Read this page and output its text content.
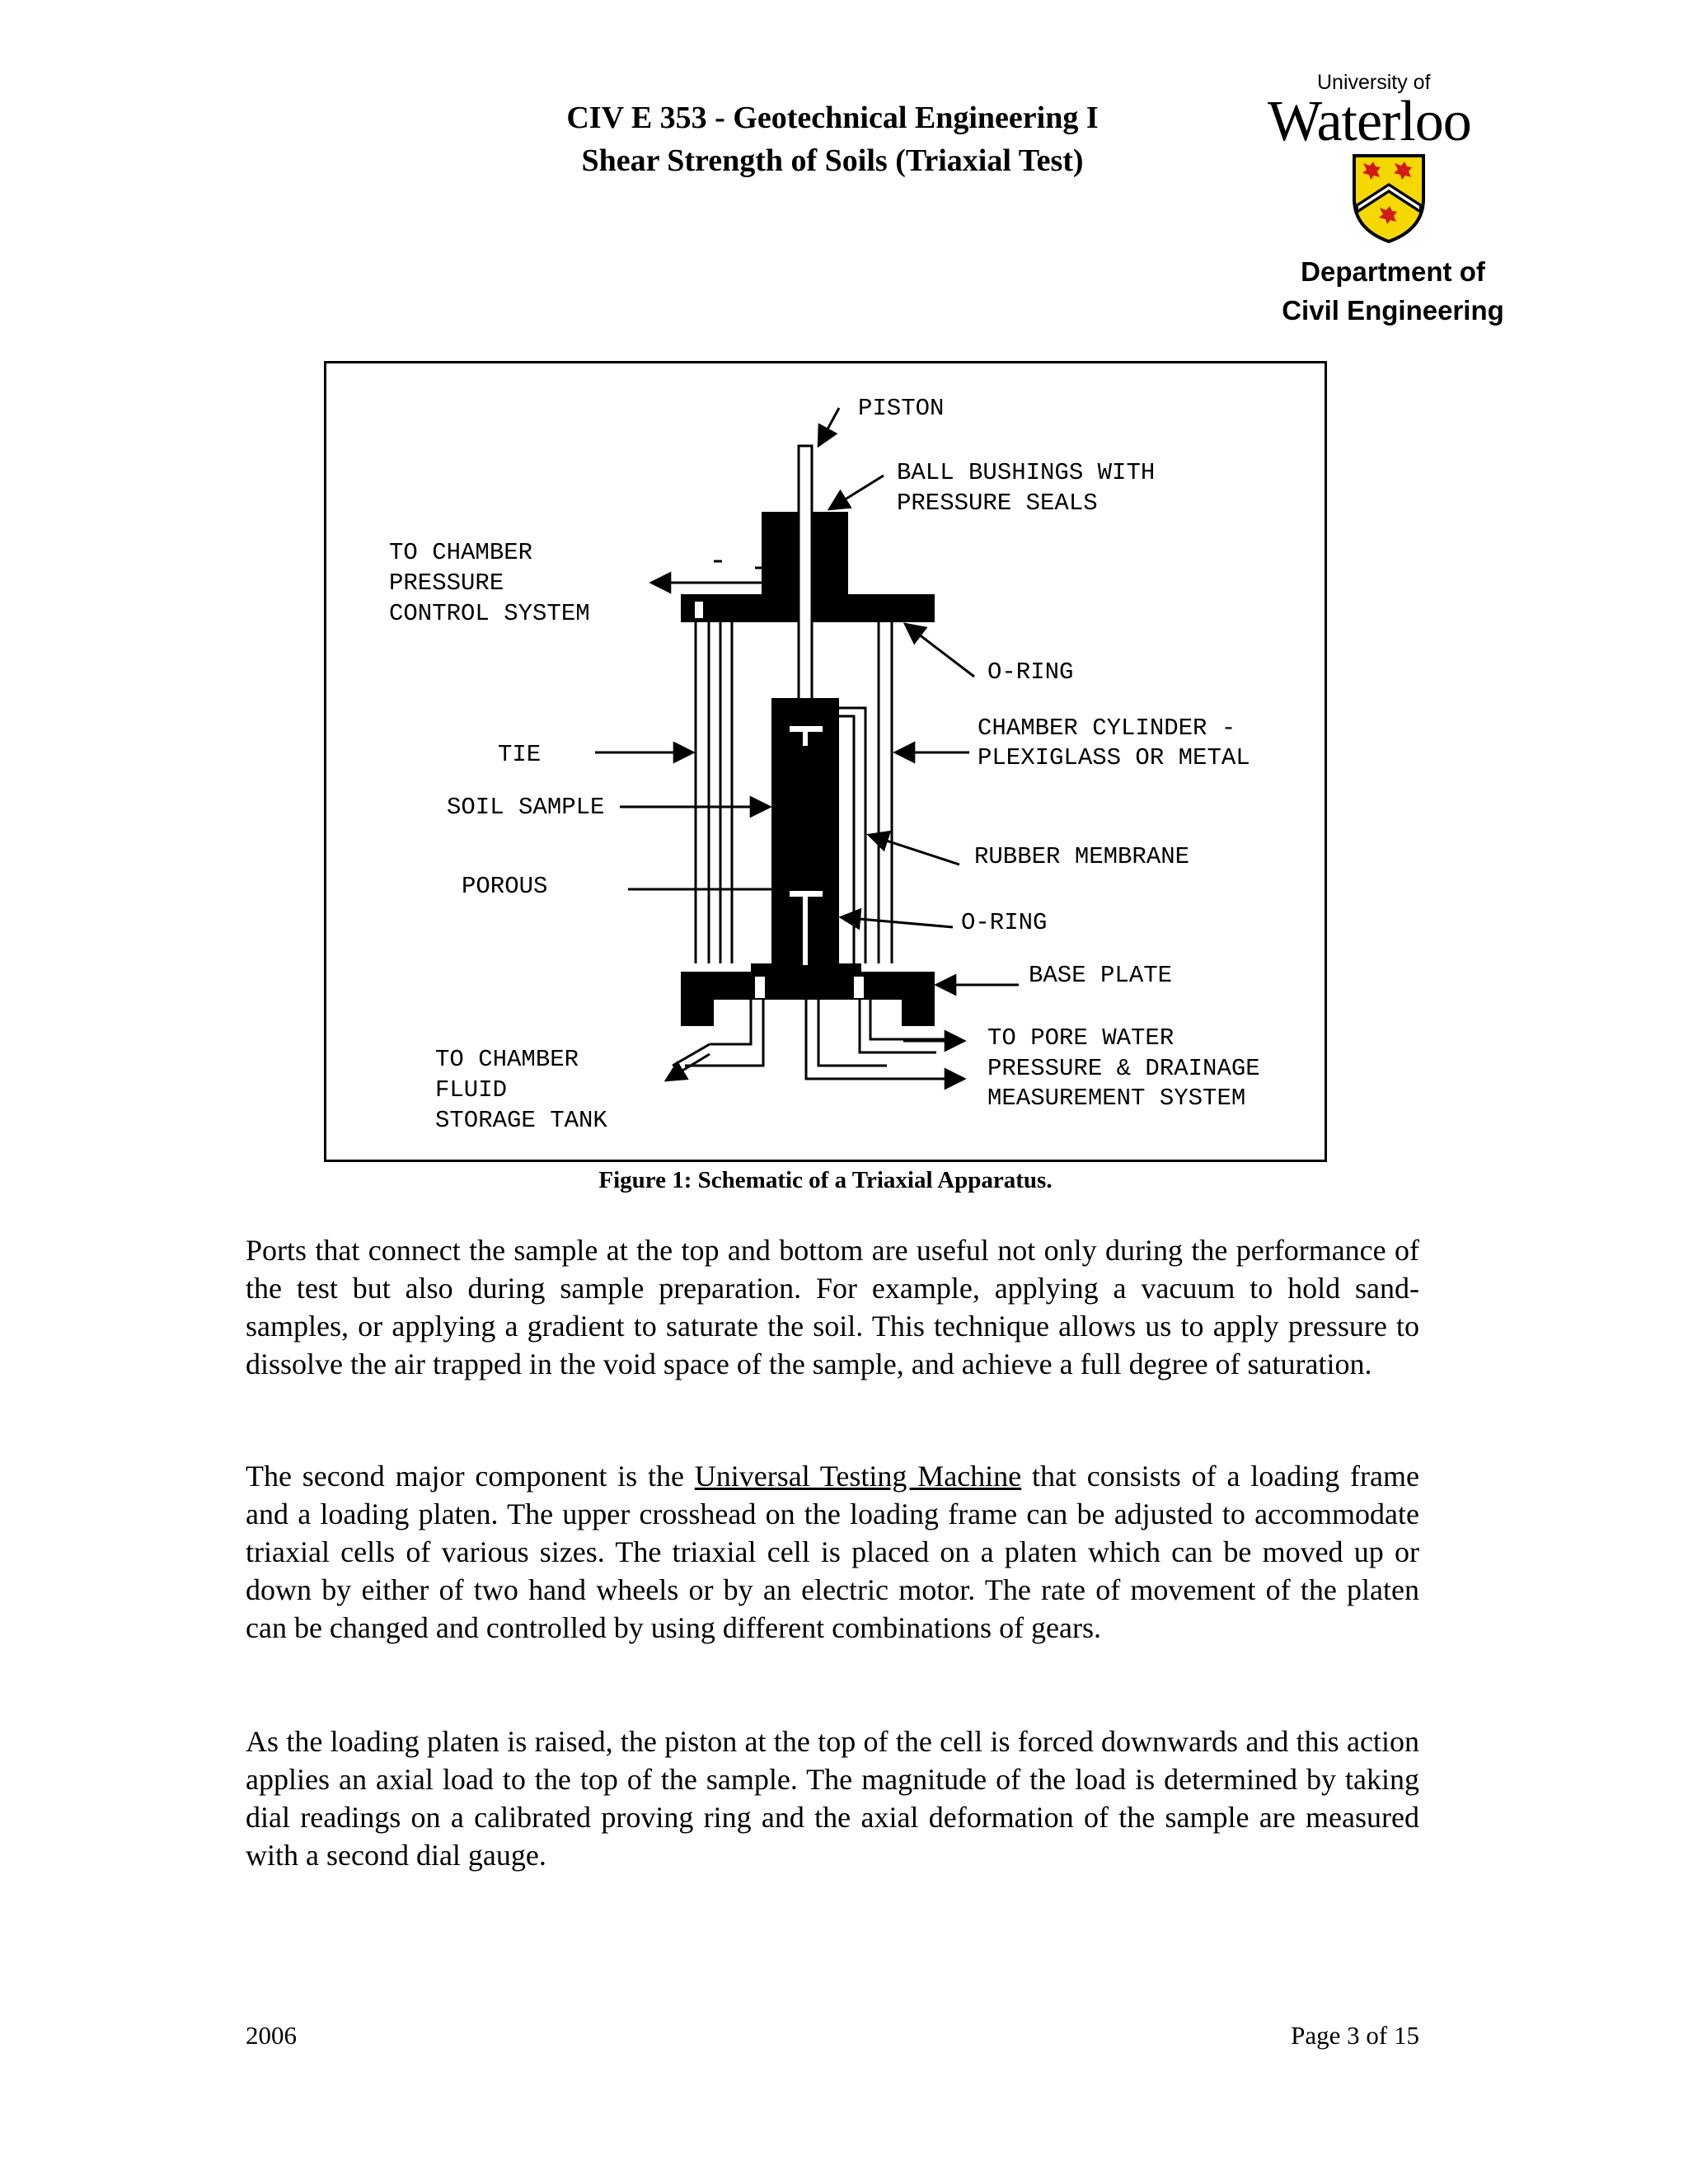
CIV E 353 - Geotechnical Engineering I
Shear Strength of Soils (Triaxial Test)
University of
Waterloo
Department of
Civil Engineering
PISTON
BALL BUSHINGS WITH
PRESSURE SEALS
TO CHAMBER
PRESSURE
CONTROL SYSTEM
O-RING
TIE
CHAMBER CYLINDER -
PLEXIGLASS OR METAL
SOIL SAMPLE
RUBBER MEMBRANE
POROUS
O-RING
BASE PLATE
TO PORE WATER
PRESSURE & DRAINAGE
MEASUREMENT SYSTEM
TO CHAMBER
FLUID
STORAGE TANK
Figure 1: Schematic of a Triaxial Apparatus.

Ports that connect the sample at the top and bottom are useful not only during the performance of the test but also during sample preparation. For example, applying a vacuum to hold sand-samples, or applying a gradient to saturate the soil. This technique allows us to apply pressure to dissolve the air trapped in the void space of the sample, and achieve a full degree of saturation.

The second major component is the Universal Testing Machine that consists of a loading frame and a loading platen. The upper crosshead on the loading frame can be adjusted to accommodate triaxial cells of various sizes. The triaxial cell is placed on a platen which can be moved up or down by either of two hand wheels or by an electric motor. The rate of movement of the platen can be changed and controlled by using different combinations of gears.

As the loading platen is raised, the piston at the top of the cell is forced downwards and this action applies an axial load to the top of the sample. The magnitude of the load is determined by taking dial readings on a calibrated proving ring and the axial deformation of the sample are measured with a second dial gauge.

2006	Page 3 of 15
